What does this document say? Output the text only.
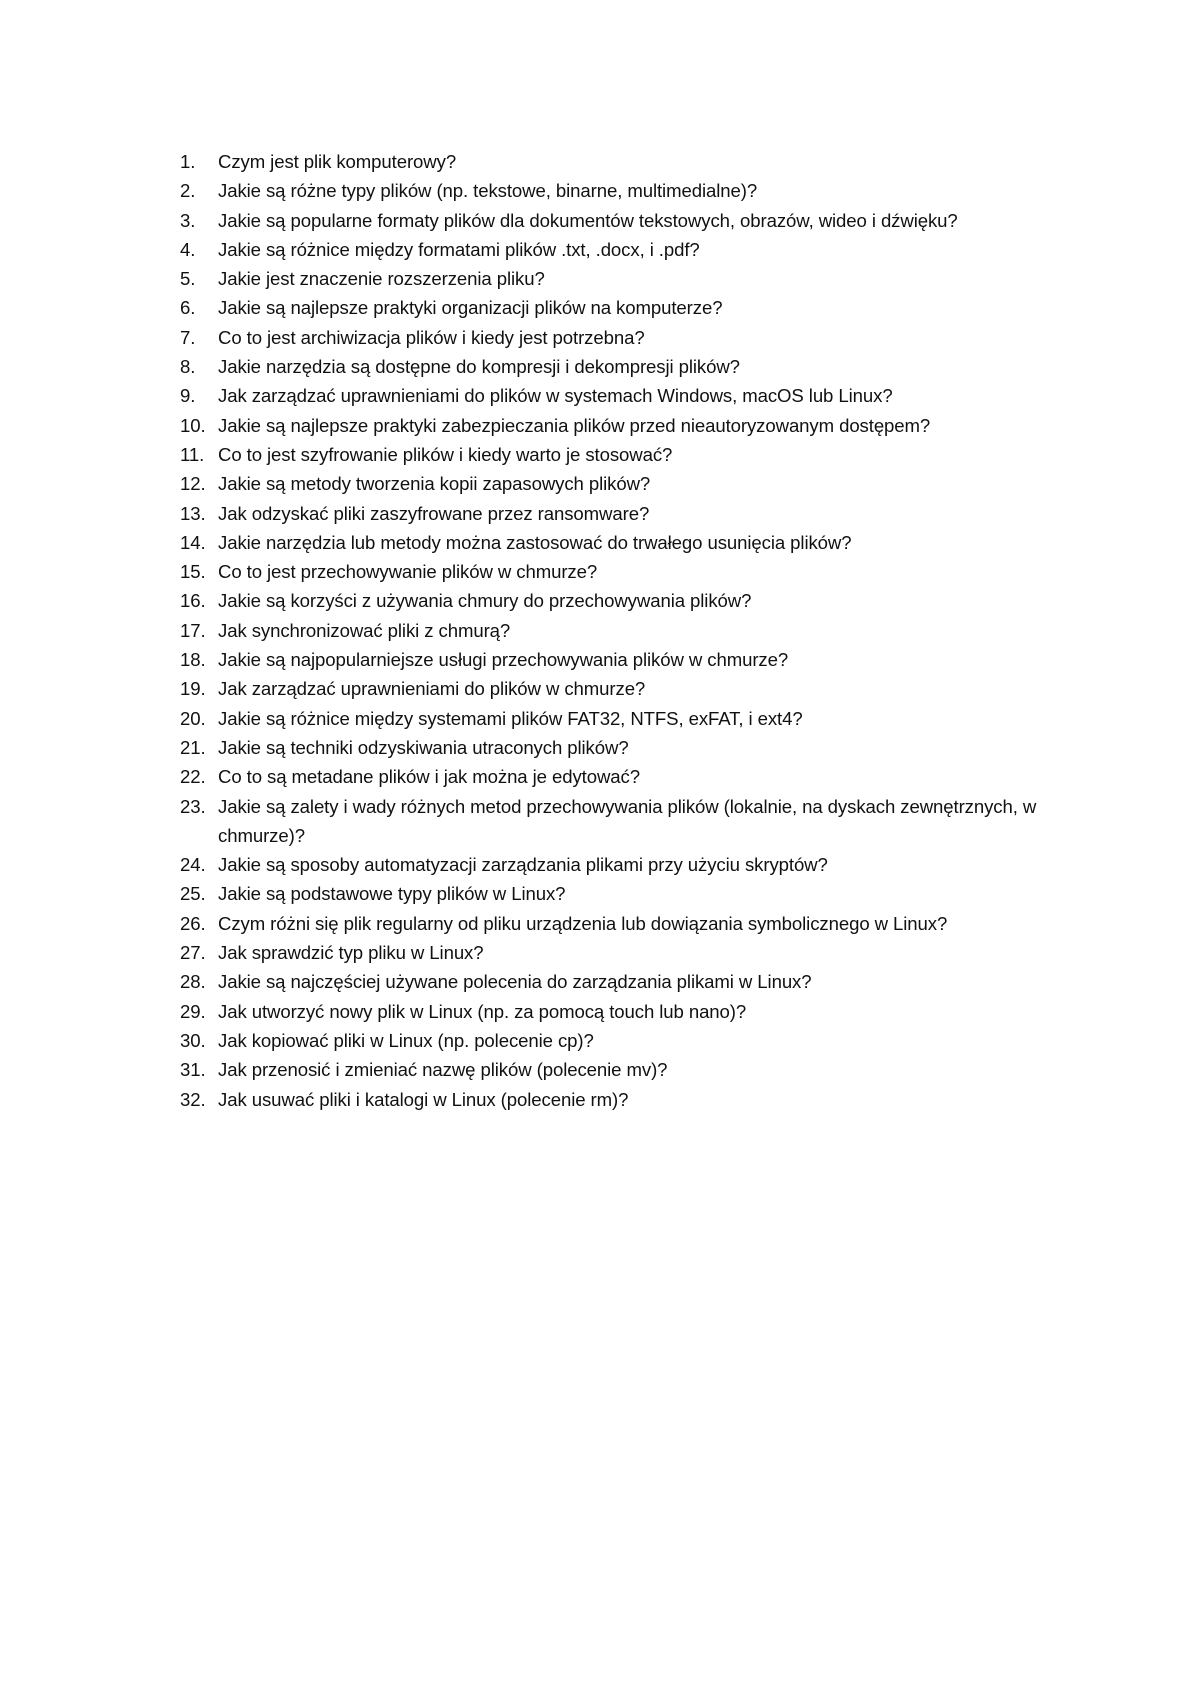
1.	Czym jest plik komputerowy?
2.	Jakie są różne typy plików (np. tekstowe, binarne, multimedialne)?
3.	Jakie są popularne formaty plików dla dokumentów tekstowych, obrazów, wideo i dźwięku?
4.	Jakie są różnice między formatami plików .txt, .docx, i .pdf?
5.	Jakie jest znaczenie rozszerzenia pliku?
6.	Jakie są najlepsze praktyki organizacji plików na komputerze?
7.	Co to jest archiwizacja plików i kiedy jest potrzebna?
8.	Jakie narzędzia są dostępne do kompresji i dekompresji plików?
9.	Jak zarządzać uprawnieniami do plików w systemach Windows, macOS lub Linux?
10. Jakie są najlepsze praktyki zabezpieczania plików przed nieautoryzowanym dostępem?
11. Co to jest szyfrowanie plików i kiedy warto je stosować?
12. Jakie są metody tworzenia kopii zapasowych plików?
13. Jak odzyskać pliki zaszyfrowane przez ransomware?
14. Jakie narzędzia lub metody można zastosować do trwałego usunięcia plików?
15. Co to jest przechowywanie plików w chmurze?
16. Jakie są korzyści z używania chmury do przechowywania plików?
17. Jak synchronizować pliki z chmurą?
18. Jakie są najpopularniejsze usługi przechowywania plików w chmurze?
19. Jak zarządzać uprawnieniami do plików w chmurze?
20. Jakie są różnice między systemami plików FAT32, NTFS, exFAT, i ext4?
21. Jakie są techniki odzyskiwania utraconych plików?
22. Co to są metadane plików i jak można je edytować?
23. Jakie są zalety i wady różnych metod przechowywania plików (lokalnie, na dyskach zewnętrznych, w chmurze)?
24. Jakie są sposoby automatyzacji zarządzania plikami przy użyciu skryptów?
25. Jakie są podstawowe typy plików w Linux?
26. Czym różni się plik regularny od pliku urządzenia lub dowiązania symbolicznego w Linux?
27. Jak sprawdzić typ pliku w Linux?
28. Jakie są najczęściej używane polecenia do zarządzania plikami w Linux?
29. Jak utworzyć nowy plik w Linux (np. za pomocą touch lub nano)?
30. Jak kopiować pliki w Linux (np. polecenie cp)?
31. Jak przenosić i zmieniać nazwę plików (polecenie mv)?
32. Jak usuwać pliki i katalogi w Linux (polecenie rm)?
